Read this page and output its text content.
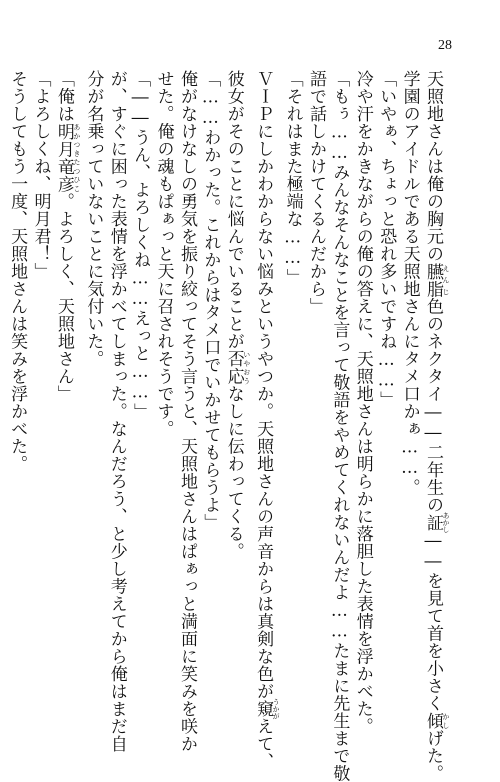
28

天照地さんは俺の胸元の臙脂 えんじ色のネクタイ――二年生の証 あかし――を見て首を小さく傾 かしげた。

学園のアイドルである天照地さんにタメ口かぁ……。

「いやぁ、ちょっと恐れ多いですね……」

冷や汗をかきながらの俺の答えに、天照地さんは明らかに落胆した表情を浮かべた。

「もぅ……みんなそんなことを言って敬語をやめてくれないんだよ……たまに先生まで敬

語で話しかけてくるんだから」

「それはまた極端な……」

ＶＩＰにしかわからない悩みというやつか。天照地さんの声音からは真剣な色が窺 うかがえて、

彼女がそのことに悩んでいることが否応 いやおうなしに伝わってくる。

「……わかった。これからはタメ口でいかせてもらうよ」

俺がなけなしの勇気を振り絞ってそう言うと、天照地さんはぱぁっと満面に笑みを咲か

せた。俺の魂もぱぁっと天に召されそうです。

「――うん、よろしくね……えっと……」

が、すぐに困った表情を浮かべてしまった。なんだろう、と少し考えてから俺はまだ自

分が名乗っていないことに気付いた。

「俺は明月 あかつき竜彦 たつひこ。よろしく、天照地さん」

「よろしくね、明月君！」

そうしてもう一度、天照地さんは笑みを浮かべた。
